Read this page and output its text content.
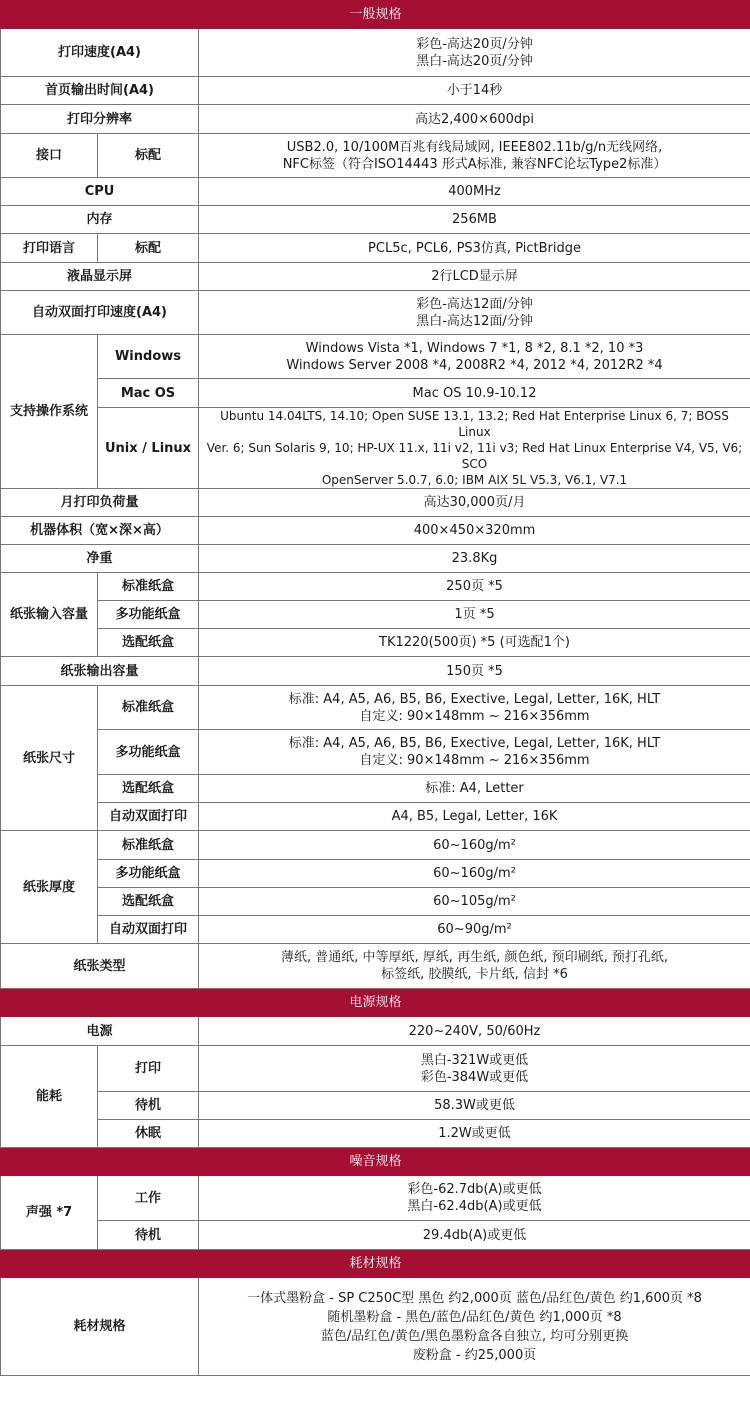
一般规格		
打印速度(A4)		彩色-高达20页/分钟
黑白-高达20页/分钟

首页输出时间(A4)		小于14秒
打印分辨率		高达2,400×600dpi
接口	标配	USB2.0, 10/100M百兆有线局域网, IEEE802.11b/g/n无线网络,
NFC标签（符合ISO14443 形式A标准, 兼容NFC论坛Type2标准）

CPU		400MHz
内存		256MB
打印语言	标配	PCL5c, PCL6, PS3仿真, PictBridge
液晶显示屏		2行LCD显示屏
自动双面打印速度(A4)		彩色-高达12面/分钟
黑白-高达12面/分钟

支持操作系统	Windows	Windows Vista *1, Windows 7 *1, 8 *2, 8.1 *2, 10 *3
Windows Server 2008 *4, 2008R2 *4, 2012 *4, 2012R2 *4

	Mac OS	Mac OS 10.9-10.12
	Unix / Linux	Ubuntu 14.04LTS, 14.10; Open SUSE 13.1, 13.2; Red Hat Enterprise Linux 6, 7; BOSS Linux
Ver. 6; Sun Solaris 9, 10; HP-UX 11.x, 11i v2, 11i v3; Red Hat Linux Enterprise V4, V5, V6; SCO
OpenServer 5.0.7, 6.0; IBM AIX 5L V5.3, V6.1, V7.1

月打印负荷量		高达30,000页/月
机器体积（宽×深×高）		400×450×320mm
净重		23.8Kg
纸张输入容量	标准纸盒	250页 *5
	多功能纸盒	1页 *5
	选配纸盒	TK1220(500页) *5 (可选配1个)
纸张输出容量		150页 *5
纸张尺寸	标准纸盒	标准: A4, A5, A6, B5, B6, Exective, Legal, Letter, 16K, HLT
自定义: 90×148mm ~ 216×356mm

	多功能纸盒	标准: A4, A5, A6, B5, B6, Exective, Legal, Letter, 16K, HLT
自定义: 90×148mm ~ 216×356mm

	选配纸盒	标准: A4, Letter
	自动双面打印	A4, B5, Legal, Letter, 16K
纸张厚度	标准纸盒	60~160g/m²
	多功能纸盒	60~160g/m²
	选配纸盒	60~105g/m²
	自动双面打印	60~90g/m²
纸张类型		薄纸, 普通纸, 中等厚纸, 厚纸, 再生纸, 颜色纸, 预印刷纸, 预打孔纸,
标签纸, 胶膜纸, 卡片纸, 信封 *6

电源规格		
电源		220~240V, 50/60Hz
能耗	打印	黑白-321W或更低
彩色-384W或更低

	待机	58.3W或更低
	休眠	1.2W或更低
噪音规格		
声强 *7	工作	彩色-62.7db(A)或更低
黑白-62.4db(A)或更低

	待机	29.4db(A)或更低
耗材规格		
耗材规格		一体式墨粉盒 - SP C250C型 黑色 约2,000页 蓝色/品红色/黄色 约1,600页 *8
随机墨粉盒 - 黑色/蓝色/品红色/黄色 约1,000页 *8
蓝色/品红色/黄色/黑色墨粉盒各自独立, 均可分别更换
废粉盒 - 约25,000页
